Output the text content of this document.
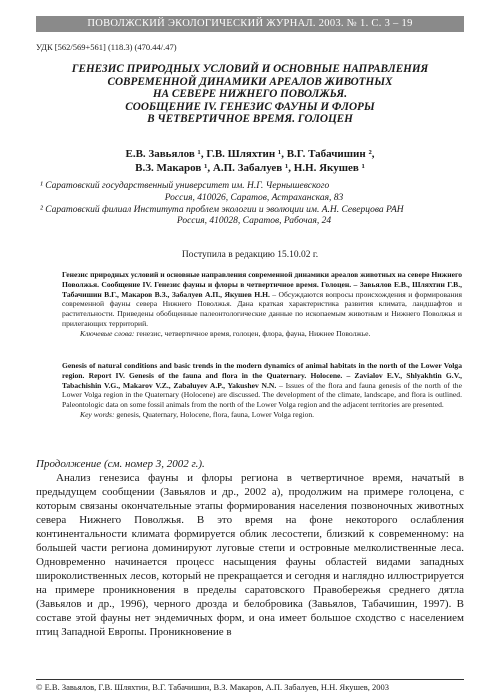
ПОВОЛЖСКИЙ ЭКОЛОГИЧЕСКИЙ ЖУРНАЛ. 2003. № 1. С. 3 – 19
УДК [562/569+561] (118.3) (470.44/.47)
ГЕНЕЗИС ПРИРОДНЫХ УСЛОВИЙ И ОСНОВНЫЕ НАПРАВЛЕНИЯ
СОВРЕМЕННОЙ ДИНАМИКИ АРЕАЛОВ ЖИВОТНЫХ
НА СЕВЕРЕ НИЖНЕГО ПОВОЛЖЬЯ.
СООБЩЕНИЕ IV. ГЕНЕЗИС ФАУНЫ И ФЛОРЫ
В ЧЕТВЕРТИЧНОЕ ВРЕМЯ. ГОЛОЦЕН
Е.В. Завьялов ¹, Г.В. Шляхтин ¹, В.Г. Табачишин ²,
В.З. Макаров ¹, А.П. Забалуев ¹, Н.Н. Якушев ¹
¹ Саратовский государственный университет им. Н.Г. Чернышевского
Россия, 410026, Саратов, Астраханская, 83
² Саратовский филиал Института проблем экологии и эволюции им. А.Н. Северцова РАН
Россия, 410028, Саратов, Рабочая, 24
Поступила в редакцию 15.10.02 г.
Генезис природных условий и основные направления современной динамики ареалов животных на севере Нижнего Поволжья. Сообщение IV. Генезис фауны и флоры в четвертичное время. Голоцен. – Завьялов Е.В., Шляхтин Г.В., Табачишин В.Г., Макаров В.З., Забалуев А.П., Якушев Н.Н. – Обсуждаются вопросы происхождения и формирования современной фауны севера Нижнего Поволжья. Дана краткая характеристика развития климата, ландшафтов и растительности. Приведены обобщенные палеонтологические данные по ископаемым животным и Нижнего Поволжья и прилегающих территорий.
Ключевые слова: генезис, четвертичное время, голоцен, флора, фауна, Нижнее Поволжье.
Genesis of natural conditions and basic trends in the modern dynamics of animal habitats in the north of the Lower Volga region. Report IV. Genesis of the fauna and flora in the Quaternary. Holocene. – Zavialov E.V., Shlyakhtin G.V., Tabachishin V.G., Makarov V.Z., Zabaluyev A.P., Yakushev N.N. – Issues of the flora and fauna genesis of the north of the Lower Volga region in the Quaternary (Holocene) are discussed. The development of the climate, landscape, and flora is outlined. Paleontologic data on some fossil animals from the north of the Lower Volga region and the adjacent territories are presented.
Key words: genesis, Quaternary, Holocene, flora, fauna, Lower Volga region.
Продолжение (см. номер 3, 2002 г.).
Анализ генезиса фауны и флоры региона в четвертичное время, начатый в предыдущем сообщении (Завьялов и др., 2002 а), продолжим на примере голоцена, с которым связаны окончательные этапы формирования населения позвоночных животных севера Нижнего Поволжья. В это время на фоне некоторого ослабления континентальности климата формируется облик лесостепи, близкий к современному: на большей части региона доминируют луговые степи и островные мелколиственные леса. Одновременно начинается процесс насыщения фауны областей видами западных широколиственных лесов, который не прекращается и сегодня и наглядно иллюстрируется на примере проникновения в пределы саратовского Правобережья среднего дятла (Завьялов и др., 1996), черного дрозда и белобровика (Завьялов, Табачишин, 1997). В составе этой фауны нет эндемичных форм, и она имеет большое сходство с населением птиц Западной Европы. Проникновение в
© Е.В. Завьялов, Г.В. Шляхтин, В.Г. Табачишин, В.З. Макаров, А.П. Забалуев, Н.Н. Якушев, 2003
